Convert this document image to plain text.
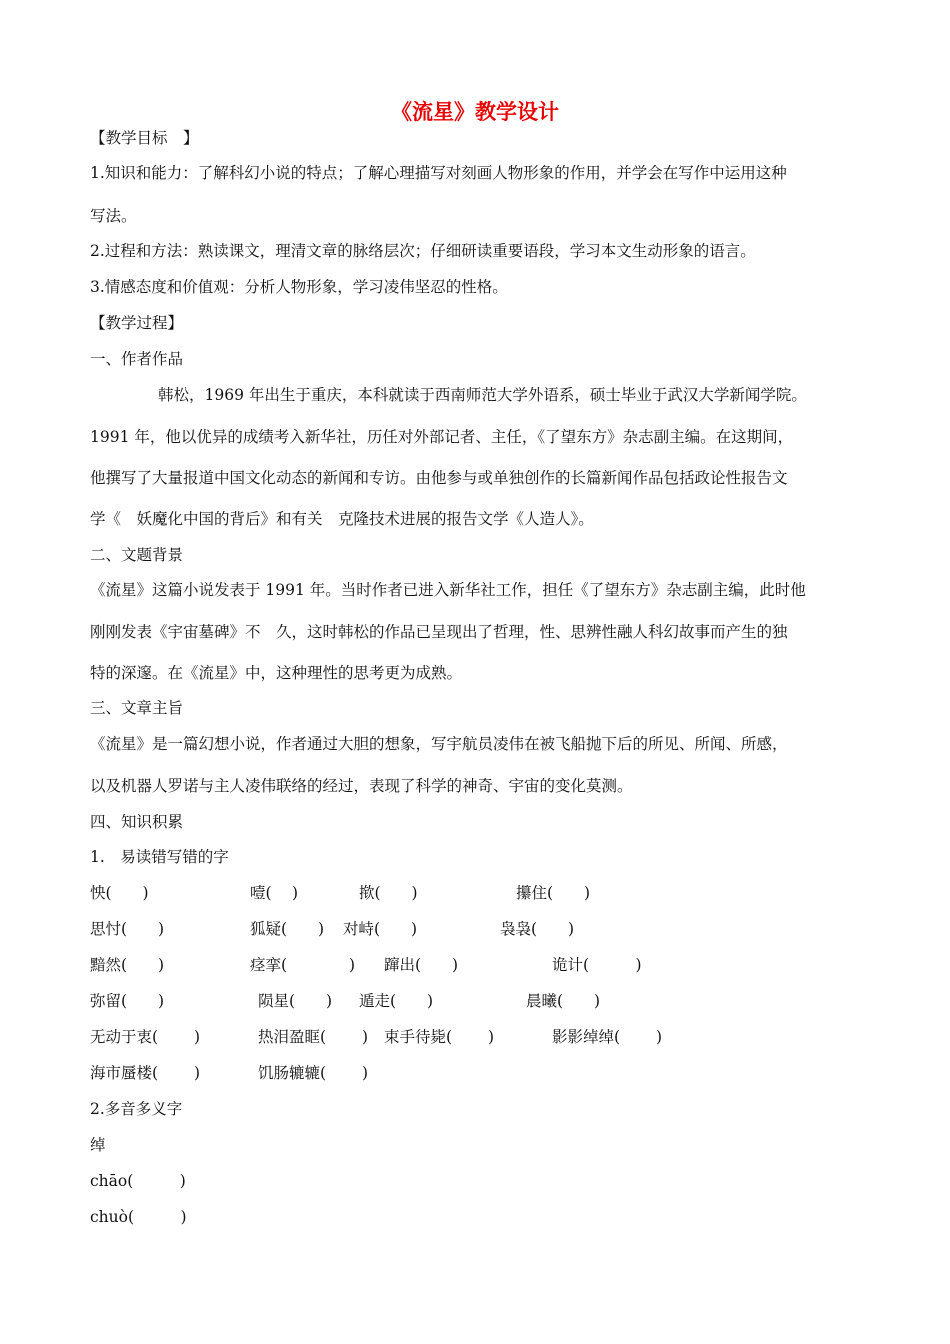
《流星》教学设计
【教学目标　】
1.知识和能力：了解科幻小说的特点；了解心理描写对刻画人物形象的作用，并学会在写作中运用这种
写法。
2.过程和方法：熟读课文，理清文章的脉络层次；仔细研读重要语段，学习本文生动形象的语言。
3.情感态度和价值观：分析人物形象，学习凌伟坚忍的性格。
【教学过程】
一、作者作品
韩松，1969 年出生于重庆，本科就读于西南师范大学外语系，硕士毕业于武汉大学新闻学院。
1991 年，他以优异的成绩考入新华社，历任对外部记者、主任，《了望东方》杂志副主编。在这期间，
他撰写了大量报道中国文化动态的新闻和专访。由他参与或单独创作的长篇新闻作品包括政论性报告文
学《　妖魔化中国的背后》和有关　克隆技术进展的报告文学《人造人》。
二、文题背景
《流星》这篇小说发表于 1991 年。当时作者已进入新华社工作，担任《了望东方》杂志副主编，此时他
刚刚发表《宇宙墓碑》不　久，这时韩松的作品已呈现出了哲理，性、思辨性融人科幻故事而产生的独
特的深邃。在《流星》中，这种理性的思考更为成熟。
三、文章主旨
《流星》是一篇幻想小说，作者通过大胆的想象，写宇航员凌伟在被飞船抛下后的所见、所闻、所感，
以及机器人罗诺与主人凌伟联络的经过，表现了科学的神奇、宇宙的变化莫测。
四、知识积累
1.　易读错写错的字
怏(　　)	噎(　 )	揿(　　)	攥住(　　)
思忖(　　)	狐疑(　　) 对峙(　　)	袅袅(　　)
黯然(　　)	痉挛(　　　　) 蹿出(　　)	诡计(　　　)
弥留(　　)	陨星(　　) 遁走(　　)	晨曦(　　)
无动于衷(　　 )	热泪盈眶(　　 ) 束手待毙(　　 )	影影绰绰(　　 )
海市蜃楼(　　 )	饥肠辘辘(　　 )
2.多音多义字
绰
chāo(　　　)
chuò(　　　)
